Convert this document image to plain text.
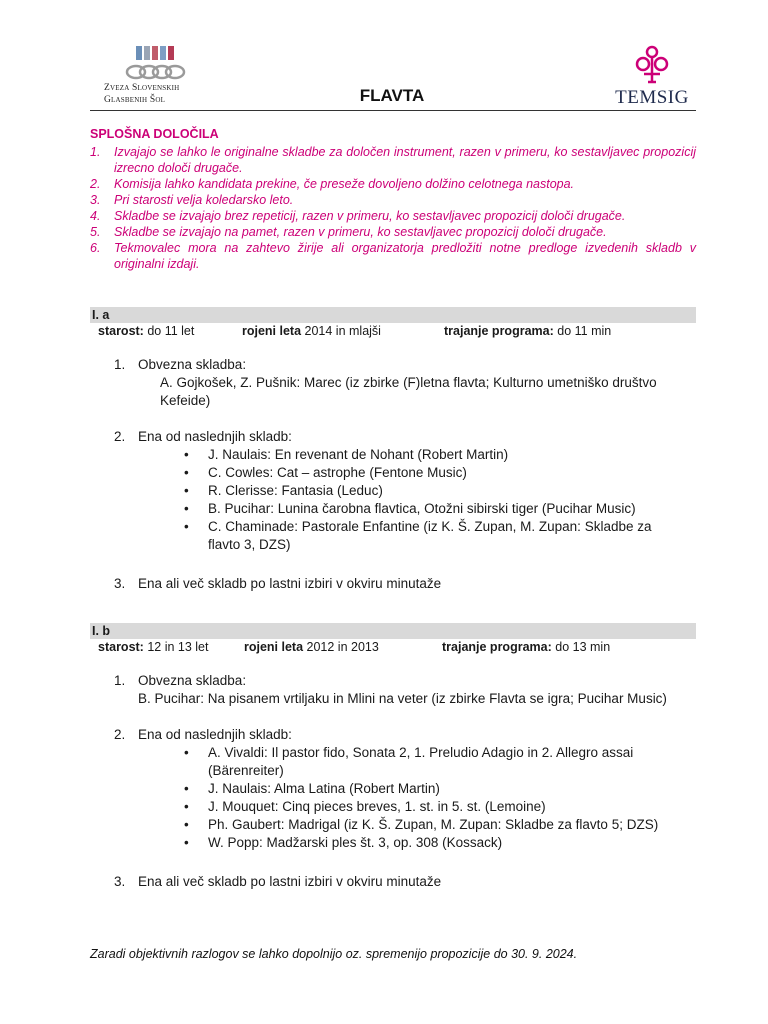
Zveza Slovenskih
Glasbenih Šol	FLAVTA	TEMSIG
SPLOŠNA DOLOČILA
1. Izvajajo se lahko le originalne skladbe za določen instrument, razen v primeru, ko sestavljavec propozicij izrecno določi drugače.
2. Komisija lahko kandidata prekine, če preseže dovoljeno dolžino celotnega nastopa.
3. Pri starosti velja koledarsko leto.
4. Skladbe se izvajajo brez repeticij, razen v primeru, ko sestavljavec propozicij določi drugače.
5. Skladbe se izvajajo na pamet, razen v primeru, ko sestavljavec propozicij določi drugače.
6. Tekmovalec mora na zahtevo žirije ali organizatorja predložiti notne predloge izvedenih skladb v originalni izdaji.
I. a
starost: do 11 let	rojeni leta 2014 in mlajši	trajanje programa: do 11 min
1. Obvezna skladba:
A. Gojkošek, Z. Pušnik: Marec (iz zbirke (F)letna flavta; Kulturno umetniško društvo Kefeide)
2. Ena od naslednjih skladb:
• J. Naulais: En revenant de Nohant (Robert Martin)
• C. Cowles: Cat – astrophe (Fentone Music)
• R. Clerisse: Fantasia (Leduc)
• B. Pucihar: Lunina čarobna flavtica, Otožni sibirski tiger (Pucihar Music)
• C. Chaminade: Pastorale Enfantine (iz K. Š. Zupan, M. Zupan: Skladbe za flavto 3, DZS)
3. Ena ali več skladb po lastni izbiri v okviru minutaže
I. b
starost: 12 in 13 let	rojeni leta 2012 in 2013	trajanje programa: do 13 min
1. Obvezna skladba:
B. Pucihar: Na pisanem vrtiljaku in Mlini na veter (iz zbirke Flavta se igra; Pucihar Music)
2. Ena od naslednjih skladb:
• A. Vivaldi: Il pastor fido, Sonata 2, 1. Preludio Adagio in 2. Allegro assai (Bärenreiter)
• J. Naulais: Alma Latina (Robert Martin)
• J. Mouquet: Cinq pieces breves, 1. st. in 5. st. (Lemoine)
• Ph. Gaubert: Madrigal (iz K. Š. Zupan, M. Zupan: Skladbe za flavto 5; DZS)
• W. Popp: Madžarski ples št. 3, op. 308 (Kossack)
3. Ena ali več skladb po lastni izbiri v okviru minutaže
Zaradi objektivnih razlogov se lahko dopolnijo oz. spremenijo propozicije do 30. 9. 2024.
